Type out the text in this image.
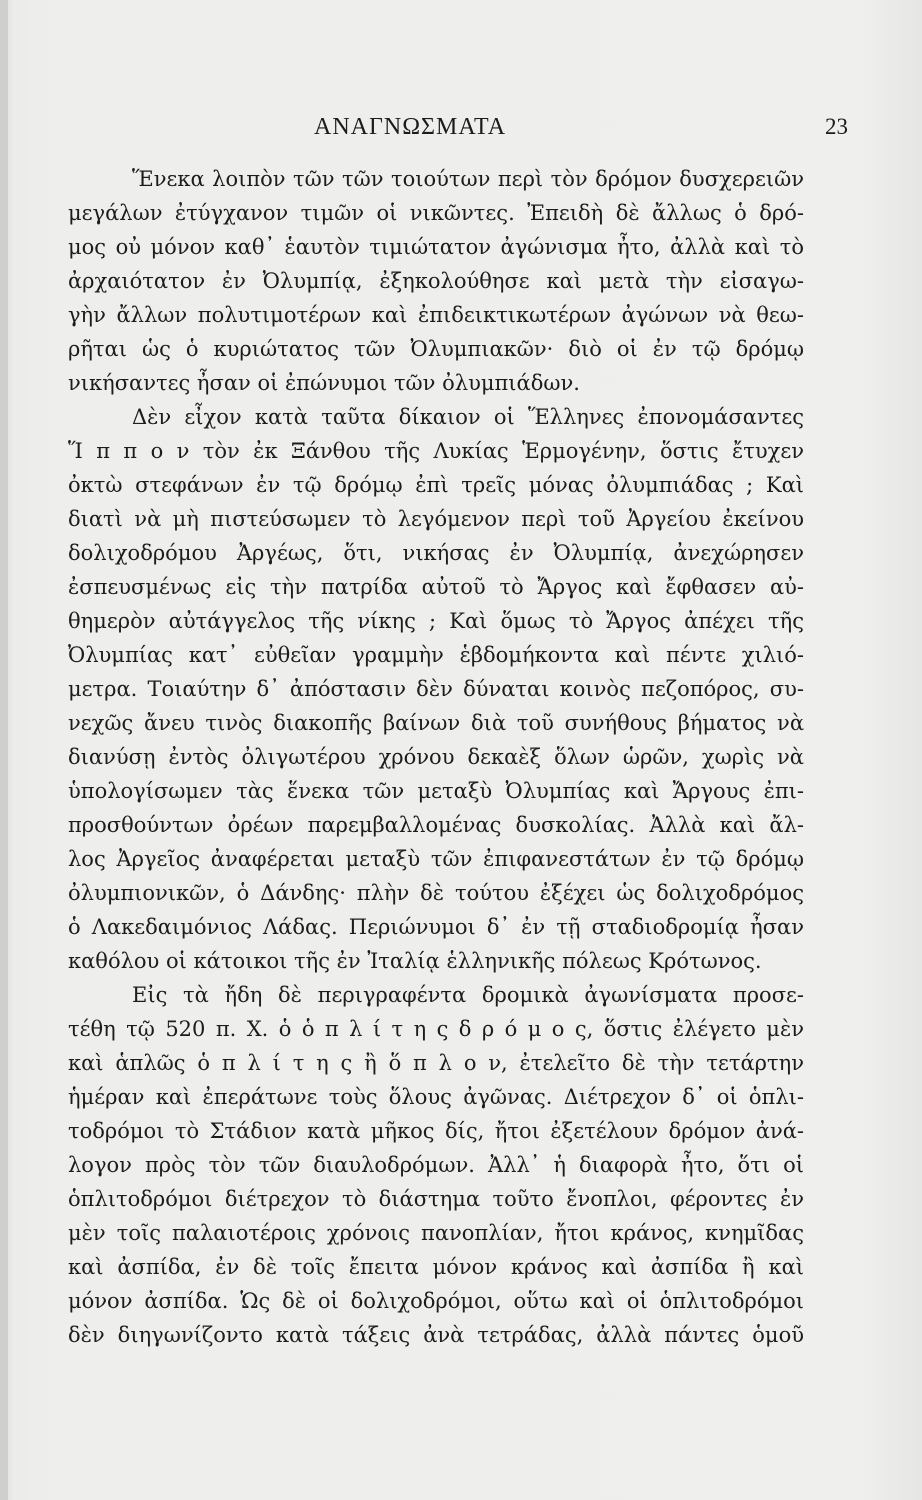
ΑΝΑΓΝΩΣΜΑΤΑ	23
Ἕνεκα λοιπὸν τῶν τῶν τοιούτων περὶ τὸν δρόμον δυσχερειῶν
μεγάλων ἐτύγχανον τιμῶν οἱ νικῶντες. Ἐπειδὴ δὲ ἄλλως ὁ δρό-
μος οὐ μόνον καθ᾽ ἑαυτὸν τιμιώτατον ἀγώνισμα ἦτο, ἀλλὰ καὶ τὸ
ἀρχαιότατον ἐν Ὀλυμπίᾳ, ἐξηκολούθησε καὶ μετὰ τὴν εἰσαγω-
γὴν ἄλλων πολυτιμοτέρων καὶ ἐπιδεικτικωτέρων ἀγώνων νὰ θεω-
ρῆται ὡς ὁ κυριώτατος τῶν Ὀλυμπιακῶν· διὸ οἱ ἐν τῷ δρόμῳ
νικήσαντες ἦσαν οἱ ἐπώνυμοι τῶν ὀλυμπιάδων.
Δὲν εἶχον κατὰ ταῦτα δίκαιον οἱ Ἕλληνες ἐπονομάσαντες
Ἵ π π ο ν τὸν ἐκ Ξάνθου τῆς Λυκίας Ἑρμογένην, ὅστις ἔτυχεν
ὀκτὼ στεφάνων ἐν τῷ δρόμῳ ἐπὶ τρεῖς μόνας ὀλυμπιάδας ; Καὶ
διατὶ νὰ μὴ πιστεύσωμεν τὸ λεγόμενον περὶ τοῦ Ἀργείου ἐκείνου
δολιχοδρόμου Ἀργέως, ὅτι, νικήσας ἐν Ὀλυμπίᾳ, ἀνεχώρησεν
ἐσπευσμένως εἰς τὴν πατρίδα αὐτοῦ τὸ Ἄργος καὶ ἔφθασεν αὐ-
θημερὸν αὐτάγγελος τῆς νίκης ; Καὶ ὅμως τὸ Ἄργος ἀπέχει τῆς
Ὀλυμπίας κατ᾽ εὐθεῖαν γραμμὴν ἑβδομήκοντα καὶ πέντε χιλιό-
μετρα. Τοιαύτην δ᾽ ἀπόστασιν δὲν δύναται κοινὸς πεζοπόρος, συ-
νεχῶς ἄνευ τινὸς διακοπῆς βαίνων διὰ τοῦ συνήθους βήματος νὰ
διανύσῃ ἐντὸς ὀλιγωτέρου χρόνου δεκαὲξ ὅλων ὡρῶν, χωρὶς νὰ
ὑπολογίσωμεν τὰς ἕνεκα τῶν μεταξὺ Ὀλυμπίας καὶ Ἄργους ἐπι-
προσθούντων ὀρέων παρεμβαλλομένας δυσκολίας. Ἀλλὰ καὶ ἄλ-
λος Ἀργεῖος ἀναφέρεται μεταξὺ τῶν ἐπιφανεστάτων ἐν τῷ δρόμῳ
ὀλυμπιονικῶν, ὁ Δάνδης· πλὴν δὲ τούτου ἐξέχει ὡς δολιχοδρόμος
ὁ Λακεδαιμόνιος Λάδας. Περιώνυμοι δ᾽ ἐν τῇ σταδιοδρομίᾳ ἦσαν
καθόλου οἱ κάτοικοι τῆς ἐν Ἰταλίᾳ ἑλληνικῆς πόλεως Κρότωνος.
Εἰς τὰ ἤδη δὲ περιγραφέντα δρομικὰ ἀγωνίσματα προσε-
τέθη τῷ 520 π. Χ. ὁ ὁ π λ ί τ η ς δ ρ ό μ ο ς, ὅστις ἐλέγετο μὲν
καὶ ἁπλῶς ὁ π λ ί τ η ς ἢ ὅ π λ ο ν, ἐτελεῖτο δὲ τὴν τετάρτην
ἡμέραν καὶ ἐπεράτωνε τοὺς ὅλους ἀγῶνας. Διέτρεχον δ᾽ οἱ ὁπλι-
τοδρόμοι τὸ Στάδιον κατὰ μῆκος δίς, ἤτοι ἐξετέλουν δρόμον ἀνά-
λογον πρὸς τὸν τῶν διαυλοδρόμων. Ἀλλ᾽ ἡ διαφορὰ ἦτο, ὅτι οἱ
ὁπλιτοδρόμοι διέτρεχον τὸ διάστημα τοῦτο ἔνοπλοι, φέροντες ἐν
μὲν τοῖς παλαιοτέροις χρόνοις πανοπλίαν, ἤτοι κράνος, κνημῖδας
καὶ ἀσπίδα, ἐν δὲ τοῖς ἔπειτα μόνον κράνος καὶ ἀσπίδα ἢ καὶ
μόνον ἀσπίδα. Ὡς δὲ οἱ δολιχοδρόμοι, οὕτω καὶ οἱ ὁπλιτοδρόμοι
δὲν διηγωνίζοντο κατὰ τάξεις ἀνὰ τετράδας, ἀλλὰ πάντες ὁμοῦ
